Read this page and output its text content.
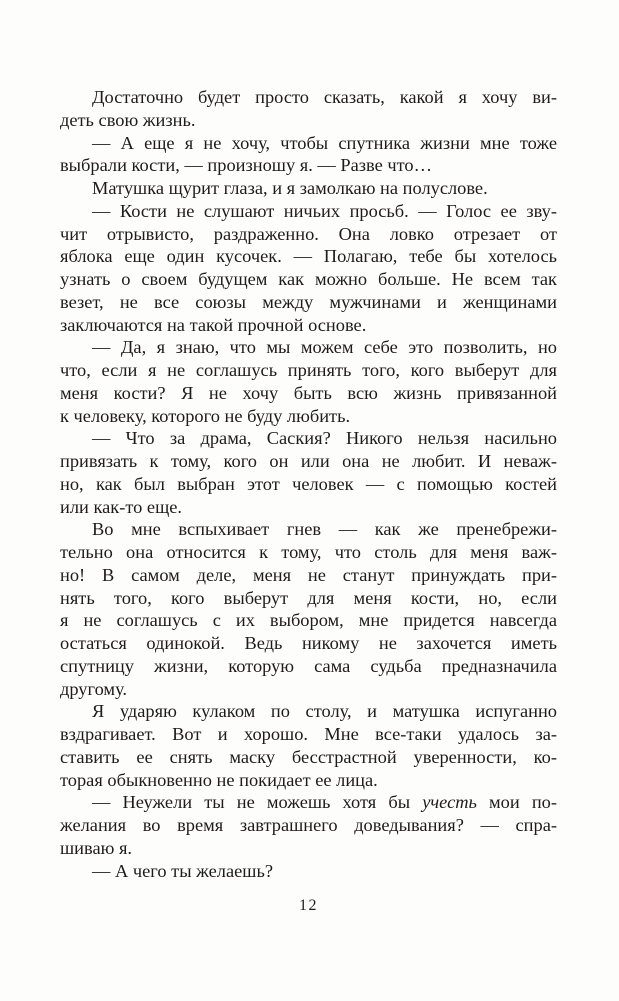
Достаточно будет просто сказать, какой я хочу ви-
деть свою жизнь.

— А еще я не хочу, чтобы спутника жизни мне тоже
выбрали кости, — произношу я. — Разве что…

Матушка щурит глаза, и я замолкаю на полуслове.

— Кости не слушают ничьих просьб. — Голос ее зву-
чит отрывисто, раздраженно. Она ловко отрезает от
яблока еще один кусочек. — Полагаю, тебе бы хотелось
узнать о своем будущем как можно больше. Не всем так
везет, не все союзы между мужчинами и женщинами
заключаются на такой прочной основе.

— Да, я знаю, что мы можем себе это позволить, но
что, если я не соглашусь принять того, кого выберут для
меня кости? Я не хочу быть всю жизнь привязанной
к человеку, которого не буду любить.

— Что за драма, Саския? Никого нельзя насильно
привязать к тому, кого он или она не любит. И неваж-
но, как был выбран этот человек — с помощью костей
или как-то еще.

Во мне вспыхивает гнев — как же пренебрежи-
тельно она относится к тому, что столь для меня важ-
но! В самом деле, меня не станут принуждать при-
нять того, кого выберут для меня кости, но, если
я не соглашусь с их выбором, мне придется навсегда
остаться одинокой. Ведь никому не захочется иметь
спутницу жизни, которую сама судьба предназначила
другому.

Я ударяю кулаком по столу, и матушка испуганно
вздрагивает. Вот и хорошо. Мне все-таки удалось за-
ставить ее снять маску бесстрастной уверенности, ко-
торая обыкновенно не покидает ее лица.

— Неужели ты не можешь хотя бы учесть мои по-
желания во время завтрашнего доведывания? — спра-
шиваю я.

— А чего ты желаешь?

12
